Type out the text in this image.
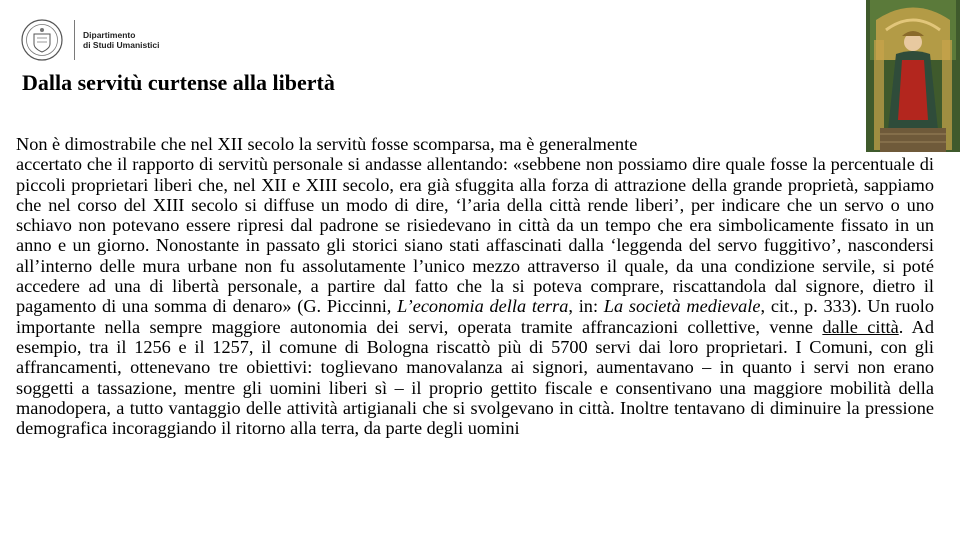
Dipartimento
di Studi Umanistici
Dalla servitù curtense alla libertà

Non è dimostrabile che nel XII secolo la servitù fosse scomparsa, ma è generalmente
accertato che il rapporto di servitù personale si andasse allentando: «sebbene non possiamo dire quale fosse la percentuale di piccoli proprietari liberi che, nel XII e XIII secolo, era già sfuggita alla forza di attrazione della grande proprietà, sappiamo che nel corso del XIII secolo si diffuse un modo di dire, ‘l’aria della città rende liberi’, per indicare che un servo o uno schiavo non potevano essere ripresi dal padrone se risiedevano in città da un tempo che era simbolicamente fissato in un anno e un giorno. Nonostante in passato gli storici siano stati affascinati dalla ‘leggenda del servo fuggitivo’, nascondersi all’interno delle mura urbane non fu assolutamente l’unico mezzo attraverso il quale, da una condizione servile, si poté accedere ad una di libertà personale, a partire dal fatto che la si poteva comprare, riscattandola dal signore, dietro il pagamento di una somma di denaro» (G. Piccinni, L’economia della terra, in: La società medievale, cit., p. 333). Un ruolo importante nella sempre maggiore autonomia dei servi, operata tramite affrancazioni collettive, venne dalle città. Ad esempio, tra il 1256 e il 1257, il comune di Bologna riscattò più di 5700 servi dai loro proprietari. I Comuni, con gli affrancamenti, ottenevano tre obiettivi: toglievano manovalanza ai signori, aumentavano – in quanto i servi non erano soggetti a tassazione, mentre gli uomini liberi sì – il proprio gettito fiscale e consentivano una maggiore mobilità della manodopera, a tutto vantaggio delle attività artigianali che si svolgevano in città. Inoltre tentavano di diminuire la pressione demografica incoraggiando il ritorno alla terra, da parte degli uomini
